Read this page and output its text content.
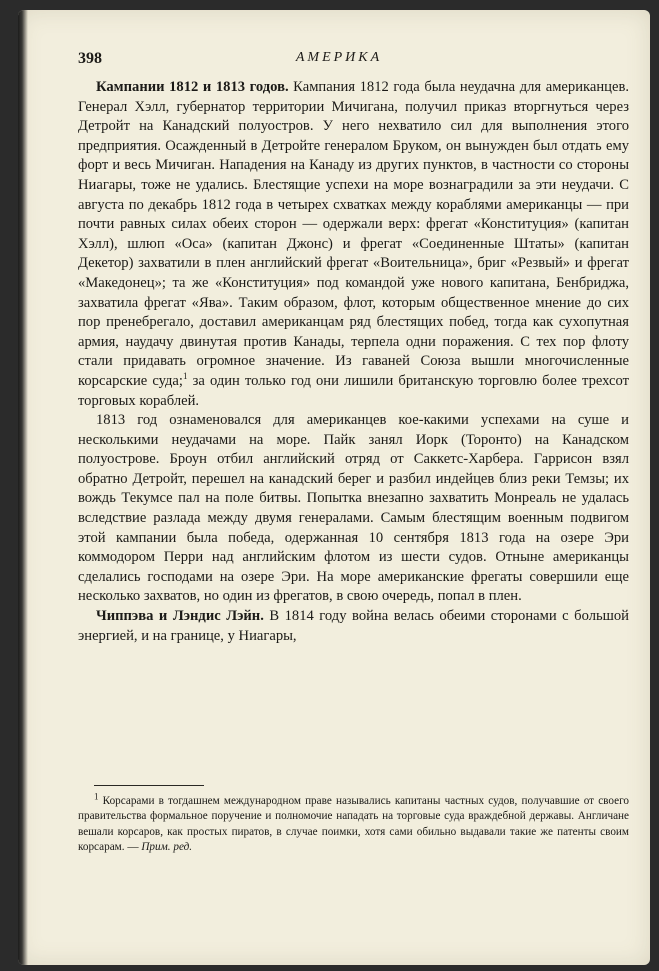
398	АМЕРИКА

Кампании 1812 и 1813 годов. Кампания 1812 года была неудачна для американцев. Генерал Хэлл, губернатор территории Мичигана, получил приказ вторгнуться через Детройт на Канадский полуостров. У него нехватило сил для выполнения этого предприятия. Осажденный в Детройте генералом Бруком, он вынужден был отдать ему форт и весь Мичиган. Нападения на Канаду из других пунктов, в частности со стороны Ниагары, тоже не удались. Блестящие успехи на море вознаградили за эти неудачи. С августа по декабрь 1812 года в четырех схватках между кораблями американцы — при почти равных силах обеих сторон — одержали верх: фрегат «Конституция» (капитан Хэлл), шлюп «Оса» (капитан Джонс) и фрегат «Соединенные Штаты» (капитан Декетор) захватили в плен английский фрегат «Воительница», бриг «Резвый» и фрегат «Македонец»; та же «Конституция» под командой уже нового капитана, Бенбриджа, захватила фрегат «Ява». Таким образом, флот, которым общественное мнение до сих пор пренебрегало, доставил американцам ряд блестящих побед, тогда как сухопутная армия, наудачу двинутая против Канады, терпела одни поражения. С тех пор флоту стали придавать огромное значение. Из гаваней Союза вышли многочисленные корсарские суда;$^1$ за один только год они лишили британскую торговлю более трехсот торговых кораблей.

1813 год ознаменовался для американцев кое-какими успехами на суше и несколькими неудачами на море. Пайк занял Иорк (Торонто) на Канадском полуострове. Броун отбил английский отряд от Саккетс-Харбера. Гаррисон взял обратно Детройт, перешел на канадский берег и разбил индейцев близ реки Темзы; их вождь Текумсе пал на поле битвы. Попытка внезапно захватить Монреаль не удалась вследствие разлада между двумя генералами. Самым блестящим военным подвигом этой кампании была победа, одержанная 10 сентября 1813 года на озере Эри коммодором Перри над английским флотом из шести судов. Отныне американцы сделались господами на озере Эри. На море американские фрегаты совершили еще несколько захватов, но один из фрегатов, в свою очередь, попал в плен.

Чиппэва и Лэндис Лэйн. В 1814 году война велась обеими сторонами с большой энергией, и на границе, у Ниагары,

$^1$ Корсарами в тогдашнем международном праве назывались капитаны частных судов, получавшие от своего правительства формальное поручение и полномочие нападать на торговые суда враждебной державы. Англичане вешали корсаров, как простых пиратов, в случае поимки, хотя сами обильно выдавали такие же патенты своим корсарам. — Прим. ред.
